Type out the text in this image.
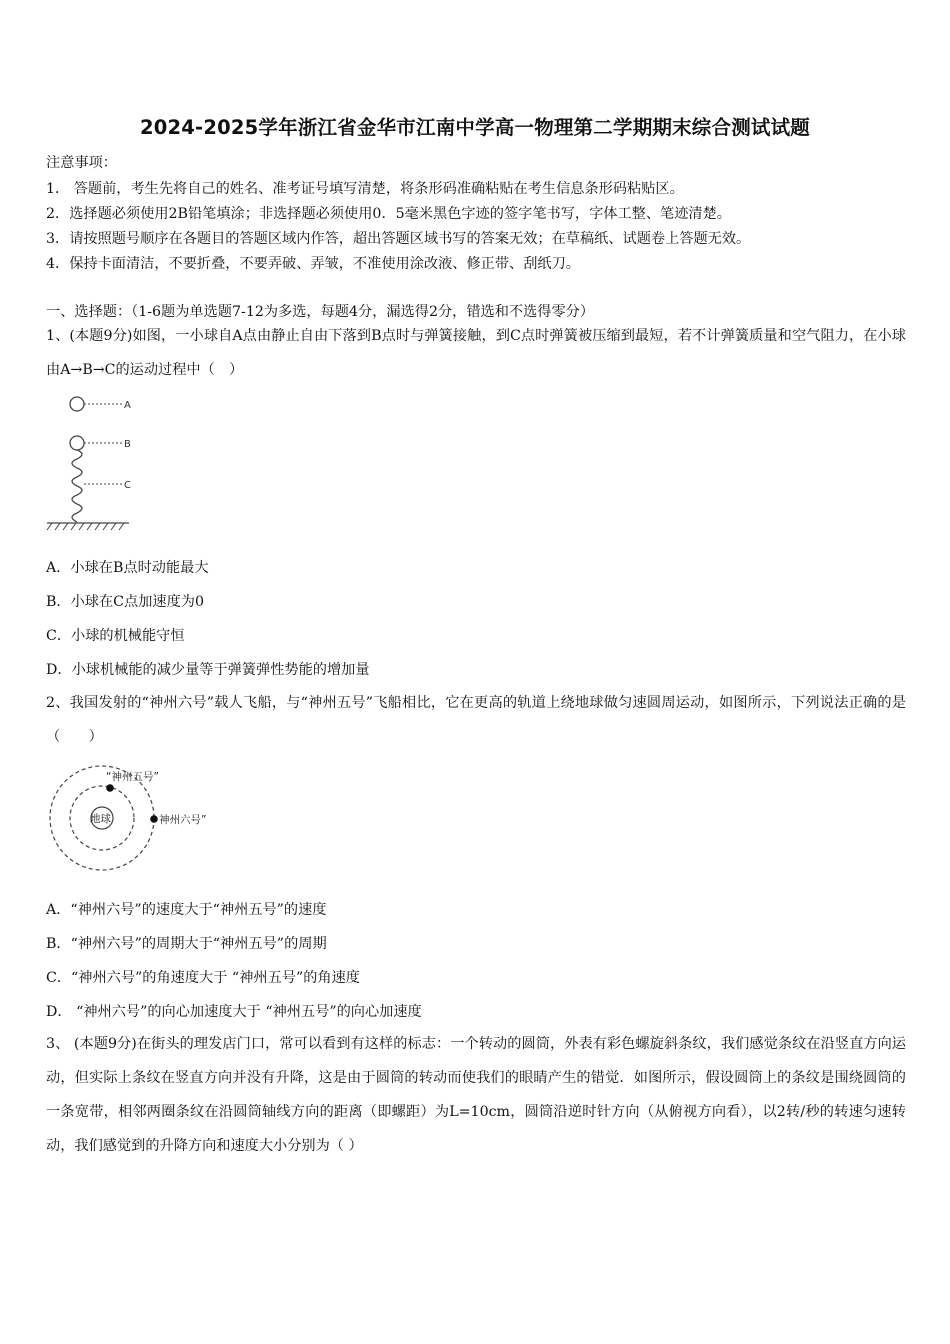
2024-2025学年浙江省金华市江南中学高一物理第二学期期末综合测试试题
注意事项：
1． 答题前，考生先将自己的姓名、准考证号填写清楚，将条形码准确粘贴在考生信息条形码粘贴区。
2．选择题必须使用2B铅笔填涂；非选择题必须使用0．5毫米黑色字迹的签字笔书写，字体工整、笔迹清楚。
3．请按照题号顺序在各题目的答题区域内作答，超出答题区域书写的答案无效；在草稿纸、试题卷上答题无效。
4．保持卡面清洁，不要折叠，不要弄破、弄皱，不准使用涂改液、修正带、刮纸刀。
一、选择题：（1-6题为单选题7-12为多选，每题4分，漏选得2分，错选和不选得零分）
1、(本题9分)如图，一小球自A点由静止自由下落到B点时与弹簧接触，到C点时弹簧被压缩到最短，若不计弹簧质量和空气阻力，在小球由A→B→C的运动过程中（　）
A
B
C
A．小球在B点时动能最大
B．小球在C点加速度为0
C．小球的机械能守恒
D．小球机械能的减少量等于弹簧弹性势能的增加量
2、我国发射的“神州六号”载人飞船，与“神州五号”飞船相比，它在更高的轨道上绕地球做匀速圆周运动，如图所示，下列说法正确的是（　　）
地球
“神州五号”
神州六号”
A．“神州六号”的速度大于“神州五号”的速度
B．“神州六号”的周期大于“神州五号”的周期
C．“神州六号”的角速度大于 “神州五号”的角速度
D． “神州六号”的向心加速度大于 “神州五号”的向心加速度
3、 (本题9分)在街头的理发店门口，常可以看到有这样的标志：一个转动的圆筒，外表有彩色螺旋斜条纹，我们感觉条纹在沿竖直方向运动，但实际上条纹在竖直方向并没有升降，这是由于圆筒的转动而使我们的眼睛产生的错觉．如图所示，假设圆筒上的条纹是围绕圆筒的一条宽带，相邻两圈条纹在沿圆筒轴线方向的距离（即螺距）为L=10cm，圆筒沿逆时针方向（从俯视方向看），以2转/秒的转速匀速转动，我们感觉到的升降方向和速度大小分别为（ ）
